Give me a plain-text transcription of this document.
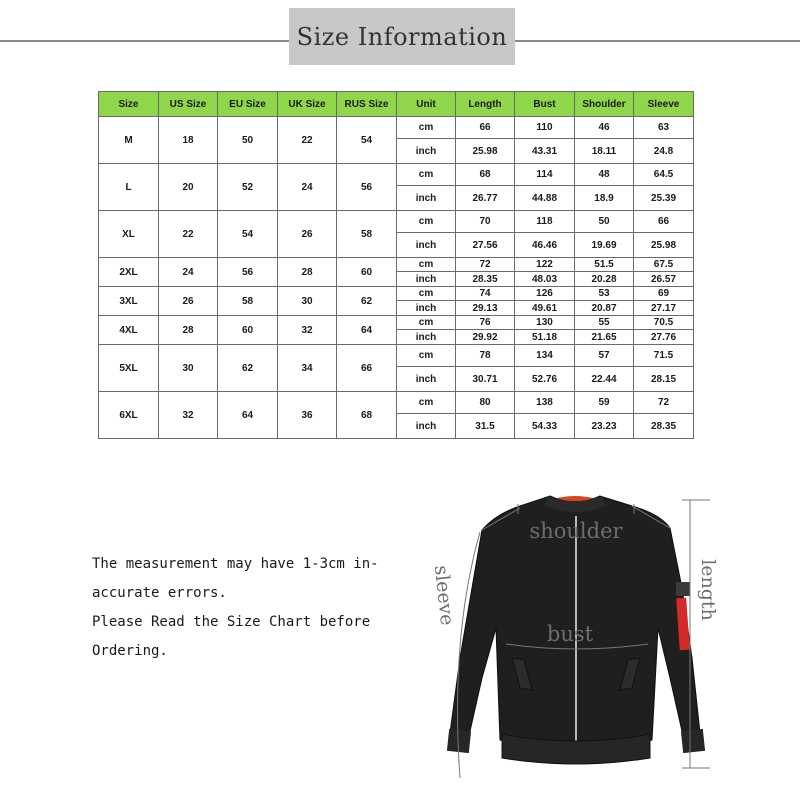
Size Information
Size	US Size	EU Size	UK Size	RUS Size	Unit	Length	Bust	Shoulder	Sleeve
M	18	50	22	54	cm	66	110	46	63
					inch	25.98	43.31	18.11	24.8
L	20	52	24	56	cm	68	114	48	64.5
					inch	26.77	44.88	18.9	25.39
XL	22	54	26	58	cm	70	118	50	66
					inch	27.56	46.46	19.69	25.98
2XL	24	56	28	60	cm	72	122	51.5	67.5
					inch	28.35	48.03	20.28	26.57
3XL	26	58	30	62	cm	74	126	53	69
					inch	29.13	49.61	20.87	27.17
4XL	28	60	32	64	cm	76	130	55	70.5
					inch	29.92	51.18	21.65	27.76
5XL	30	62	34	66	cm	78	134	57	71.5
					inch	30.71	52.76	22.44	28.15
6XL	32	64	36	68	cm	80	138	59	72
					inch	31.5	54.33	23.23	28.35
The measurement may have 1-3cm in-
accurate errors.
Please Read the Size Chart before
Ordering.
shoulder
bust
sleeve	length
